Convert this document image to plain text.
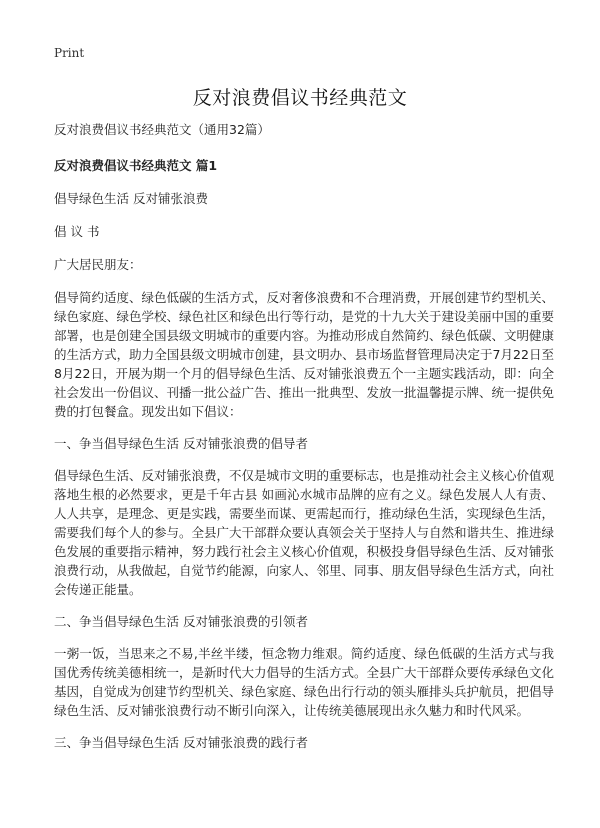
Print
反对浪费倡议书经典范文

反对浪费倡议书经典范文（通用32篇）

反对浪费倡议书经典范文 篇1

倡导绿色生活 反对铺张浪费

倡 议 书

广大居民朋友：

倡导简约适度、绿色低碳的生活方式，反对奢侈浪费和不合理消费，开展创建节约型机关、绿色家庭、绿色学校、绿色社区和绿色出行等行动，是党的十九大关于建设美丽中国的重要部署，也是创建全国县级文明城市的重要内容。为推动形成自然简约、绿色低碳、文明健康的生活方式，助力全国县级文明城市创建，县文明办、县市场监督管理局决定于7月22日至8月22日，开展为期一个月的倡导绿色生活、反对铺张浪费五个一主题实践活动，即：向全社会发出一份倡议、刊播一批公益广告、推出一批典型、发放一批温馨提示牌、统一提供免费的打包餐盒。现发出如下倡议：

一、争当倡导绿色生活 反对铺张浪费的倡导者

倡导绿色生活、反对铺张浪费，不仅是城市文明的重要标志，也是推动社会主义核心价值观落地生根的必然要求，更是千年古县 如画沁水城市品牌的应有之义。绿色发展人人有责、人人共享，是理念、更是实践，需要坐而谋、更需起而行，推动绿色生活，实现绿色生活，需要我们每个人的参与。全县广大干部群众要认真领会关于坚持人与自然和谐共生、推进绿色发展的重要指示精神，努力践行社会主义核心价值观，积极投身倡导绿色生活、反对铺张浪费行动，从我做起，自觉节约能源，向家人、邻里、同事、朋友倡导绿色生活方式，向社会传递正能量。

二、争当倡导绿色生活 反对铺张浪费的引领者

一粥一饭，当思来之不易,半丝半缕，恒念物力维艰。简约适度、绿色低碳的生活方式与我国优秀传统美德相统一，是新时代大力倡导的生活方式。全县广大干部群众要传承绿色文化基因，自觉成为创建节约型机关、绿色家庭、绿色出行行动的领头雁排头兵护航员，把倡导绿色生活、反对铺张浪费行动不断引向深入，让传统美德展现出永久魅力和时代风采。

三、争当倡导绿色生活 反对铺张浪费的践行者
